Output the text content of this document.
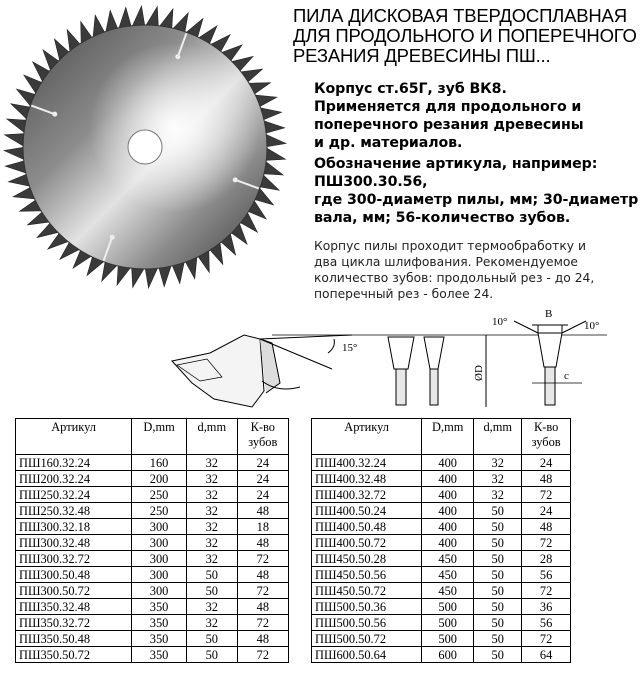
ПИЛА ДИСКОВАЯ ТВЕРДОСПЛАВНАЯ
ДЛЯ ПРОДОЛЬНОГО И ПОПЕРЕЧНОГО
РЕЗАНИЯ ДРЕВЕСИНЫ ПШ...
Корпус ст.65Г, зуб ВК8.
Применяется для продольного и
поперечного резания древесины
и др. материалов.
Обозначение артикула, например:
ПШ300.30.56,
где 300-диаметр пилы, мм; 30-диаметр
вала, мм; 56-количество зубов.
Корпус пилы проходит термообработку и
два цикла шлифования. Рекомендуемое
количество зубов: продольный рез - до 24,
поперечный рез - более 24.
15°
10°	10°
B
ØD	c
Артикул	D,mm	d,mm	К-во
зубов
ПШ160.32.24	160	32	24
ПШ200.32.24	200	32	24
ПШ250.32.24	250	32	24
ПШ250.32.48	250	32	48
ПШ300.32.18	300	32	18
ПШ300.32.48	300	32	48
ПШ300.32.72	300	32	72
ПШ300.50.48	300	50	48
ПШ300.50.72	300	50	72
ПШ350.32.48	350	32	48
ПШ350.32.72	350	32	72
ПШ350.50.48	350	50	48
ПШ350.50.72	350	50	72
Артикул	D,mm	d,mm	К-во
зубов
ПШ400.32.24	400	32	24
ПШ400.32.48	400	32	48
ПШ400.32.72	400	32	72
ПШ400.50.24	400	50	24
ПШ400.50.48	400	50	48
ПШ400.50.72	400	50	72
ПШ450.50.28	450	50	28
ПШ450.50.56	450	50	56
ПШ450.50.72	450	50	72
ПШ500.50.36	500	50	36
ПШ500.50.56	500	50	56
ПШ500.50.72	500	50	72
ПШ600.50.64	600	50	64
